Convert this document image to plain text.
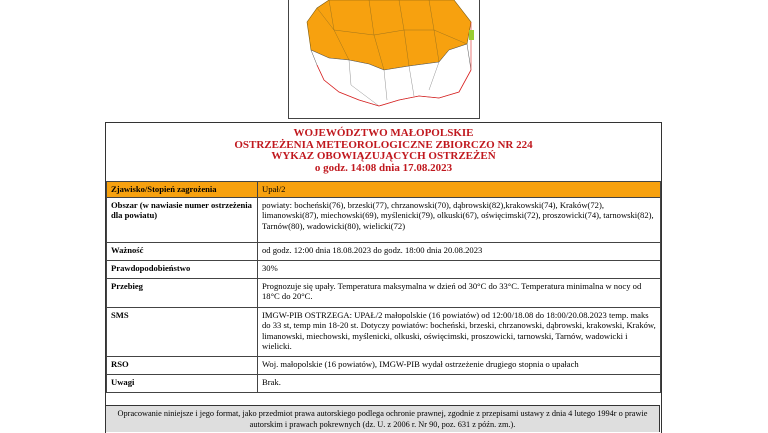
WOJEWÓDZTWO MAŁOPOLSKIE
OSTRZEŻENIA METEOROLOGICZNE ZBIORCZO NR 224
WYKAZ OBOWIĄZUJĄCYCH OSTRZEŻEŃ
o godz. 14:08 dnia 17.08.2023
Zjawisko/Stopień zagrożenia	Upał/2
Obszar (w nawiasie numer ostrzeżenia dla powiatu)	powiaty: bocheński(76), brzeski(77), chrzanowski(70), dąbrowski(82),krakowski(74), Kraków(72), limanowski(87), miechowski(69), myślenicki(79), olkuski(67), oświęcimski(72), proszowicki(74), tarnowski(82), Tarnów(80), wadowicki(80), wielicki(72)
Ważność	od godz. 12:00 dnia 18.08.2023 do godz. 18:00 dnia 20.08.2023
Prawdopodobieństwo	30%
Przebieg	Prognozuje się upały. Temperatura maksymalna w dzień od 30°C do 33°C. Temperatura minimalna w nocy od 18°C do 20°C.
SMS	IMGW-PIB OSTRZEGA: UPAŁ/2 małopolskie (16 powiatów) od 12:00/18.08 do 18:00/20.08.2023 temp. maks do 33 st, temp min 18-20 st. Dotyczy powiatów: bocheński, brzeski, chrzanowski, dąbrowski, krakowski, Kraków, limanowski, miechowski, myślenicki, olkuski, oświęcimski, proszowicki, tarnowski, Tarnów, wadowicki i wielicki.
RSO	Woj. małopolskie (16 powiatów), IMGW-PIB wydał ostrzeżenie drugiego stopnia o upałach
Uwagi	Brak.
Opracowanie niniejsze i jego format, jako przedmiot prawa autorskiego podlega ochronie prawnej, zgodnie z przepisami ustawy z dnia 4 lutego 1994r o prawie autorskim i prawach pokrewnych (dz. U. z 2006 r. Nr 90, poz. 631 z późn. zm.).
